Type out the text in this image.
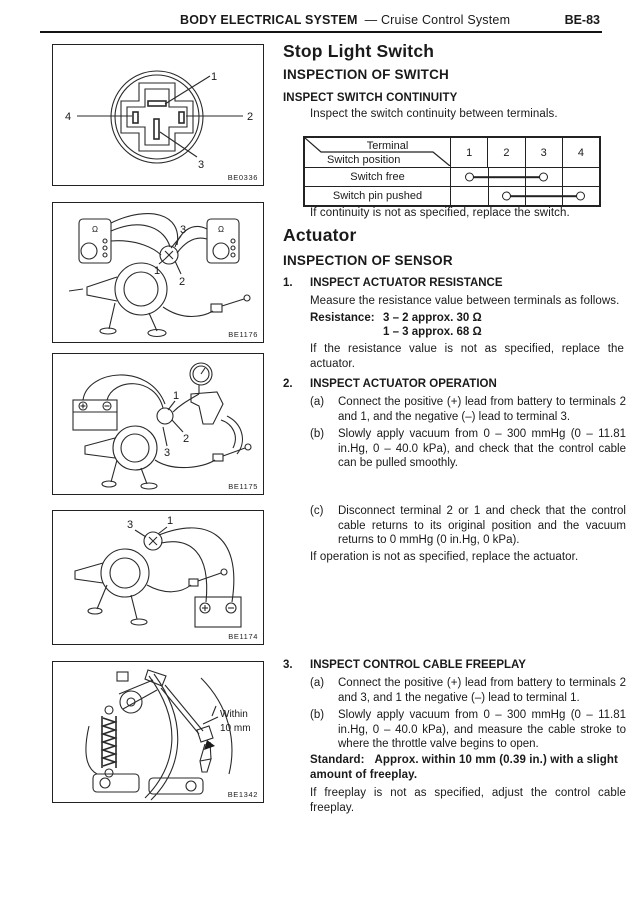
BODY ELECTRICAL SYSTEM — Cruise Control System	BE-83
1
2
3
4
BE0336
Ω	Ω
3
1
2
BE1176
1
2
3
BE1175
3	1
BE1174
Within
10 mm
BE1342
Stop Light Switch
INSPECTION OF SWITCH
INSPECT SWITCH CONTINUITY
Inspect the switch continuity between terminals.
Terminal
Switch position
1	2	3	4
Switch free
Switch pin pushed
If continuity is not as specified, replace the switch.
Actuator
INSPECTION OF SENSOR
1.	INSPECT ACTUATOR RESISTANCE
Measure the resistance value between terminals as follows.
Resistance: 3 – 2 approx. 30 Ω
1 – 3 approx. 68 Ω
If the resistance value is not as specified, replace the actuator.
2.	INSPECT ACTUATOR OPERATION
(a)	Connect the positive (+) lead from battery to terminals 2 and 1, and the negative (–) lead to terminal 3.
(b)	Slowly apply vacuum from 0 – 300 mmHg (0 – 11.81 in.Hg, 0 – 40.0 kPa), and check that the control cable can be pulled smoothly.
(c)	Disconnect terminal 2 or 1 and check that the control cable returns to its original position and the vacuum returns to 0 mmHg (0 in.Hg, 0 kPa).
If operation is not as specified, replace the actuator.
3.	INSPECT CONTROL CABLE FREEPLAY
(a)	Connect the positive (+) lead from battery to terminals 2 and 3, and 1 the negative (–) lead to terminal 1.
(b)	Slowly apply vacuum from 0 – 300 mmHg (0 – 11.81 in.Hg, 0 – 40.0 kPa), and measure the cable stroke to where the throttle valve begins to open.
Standard: Approx. within 10 mm (0.39 in.) with a slight amount of freeplay.
If freeplay is not as specified, adjust the control cable freeplay.
